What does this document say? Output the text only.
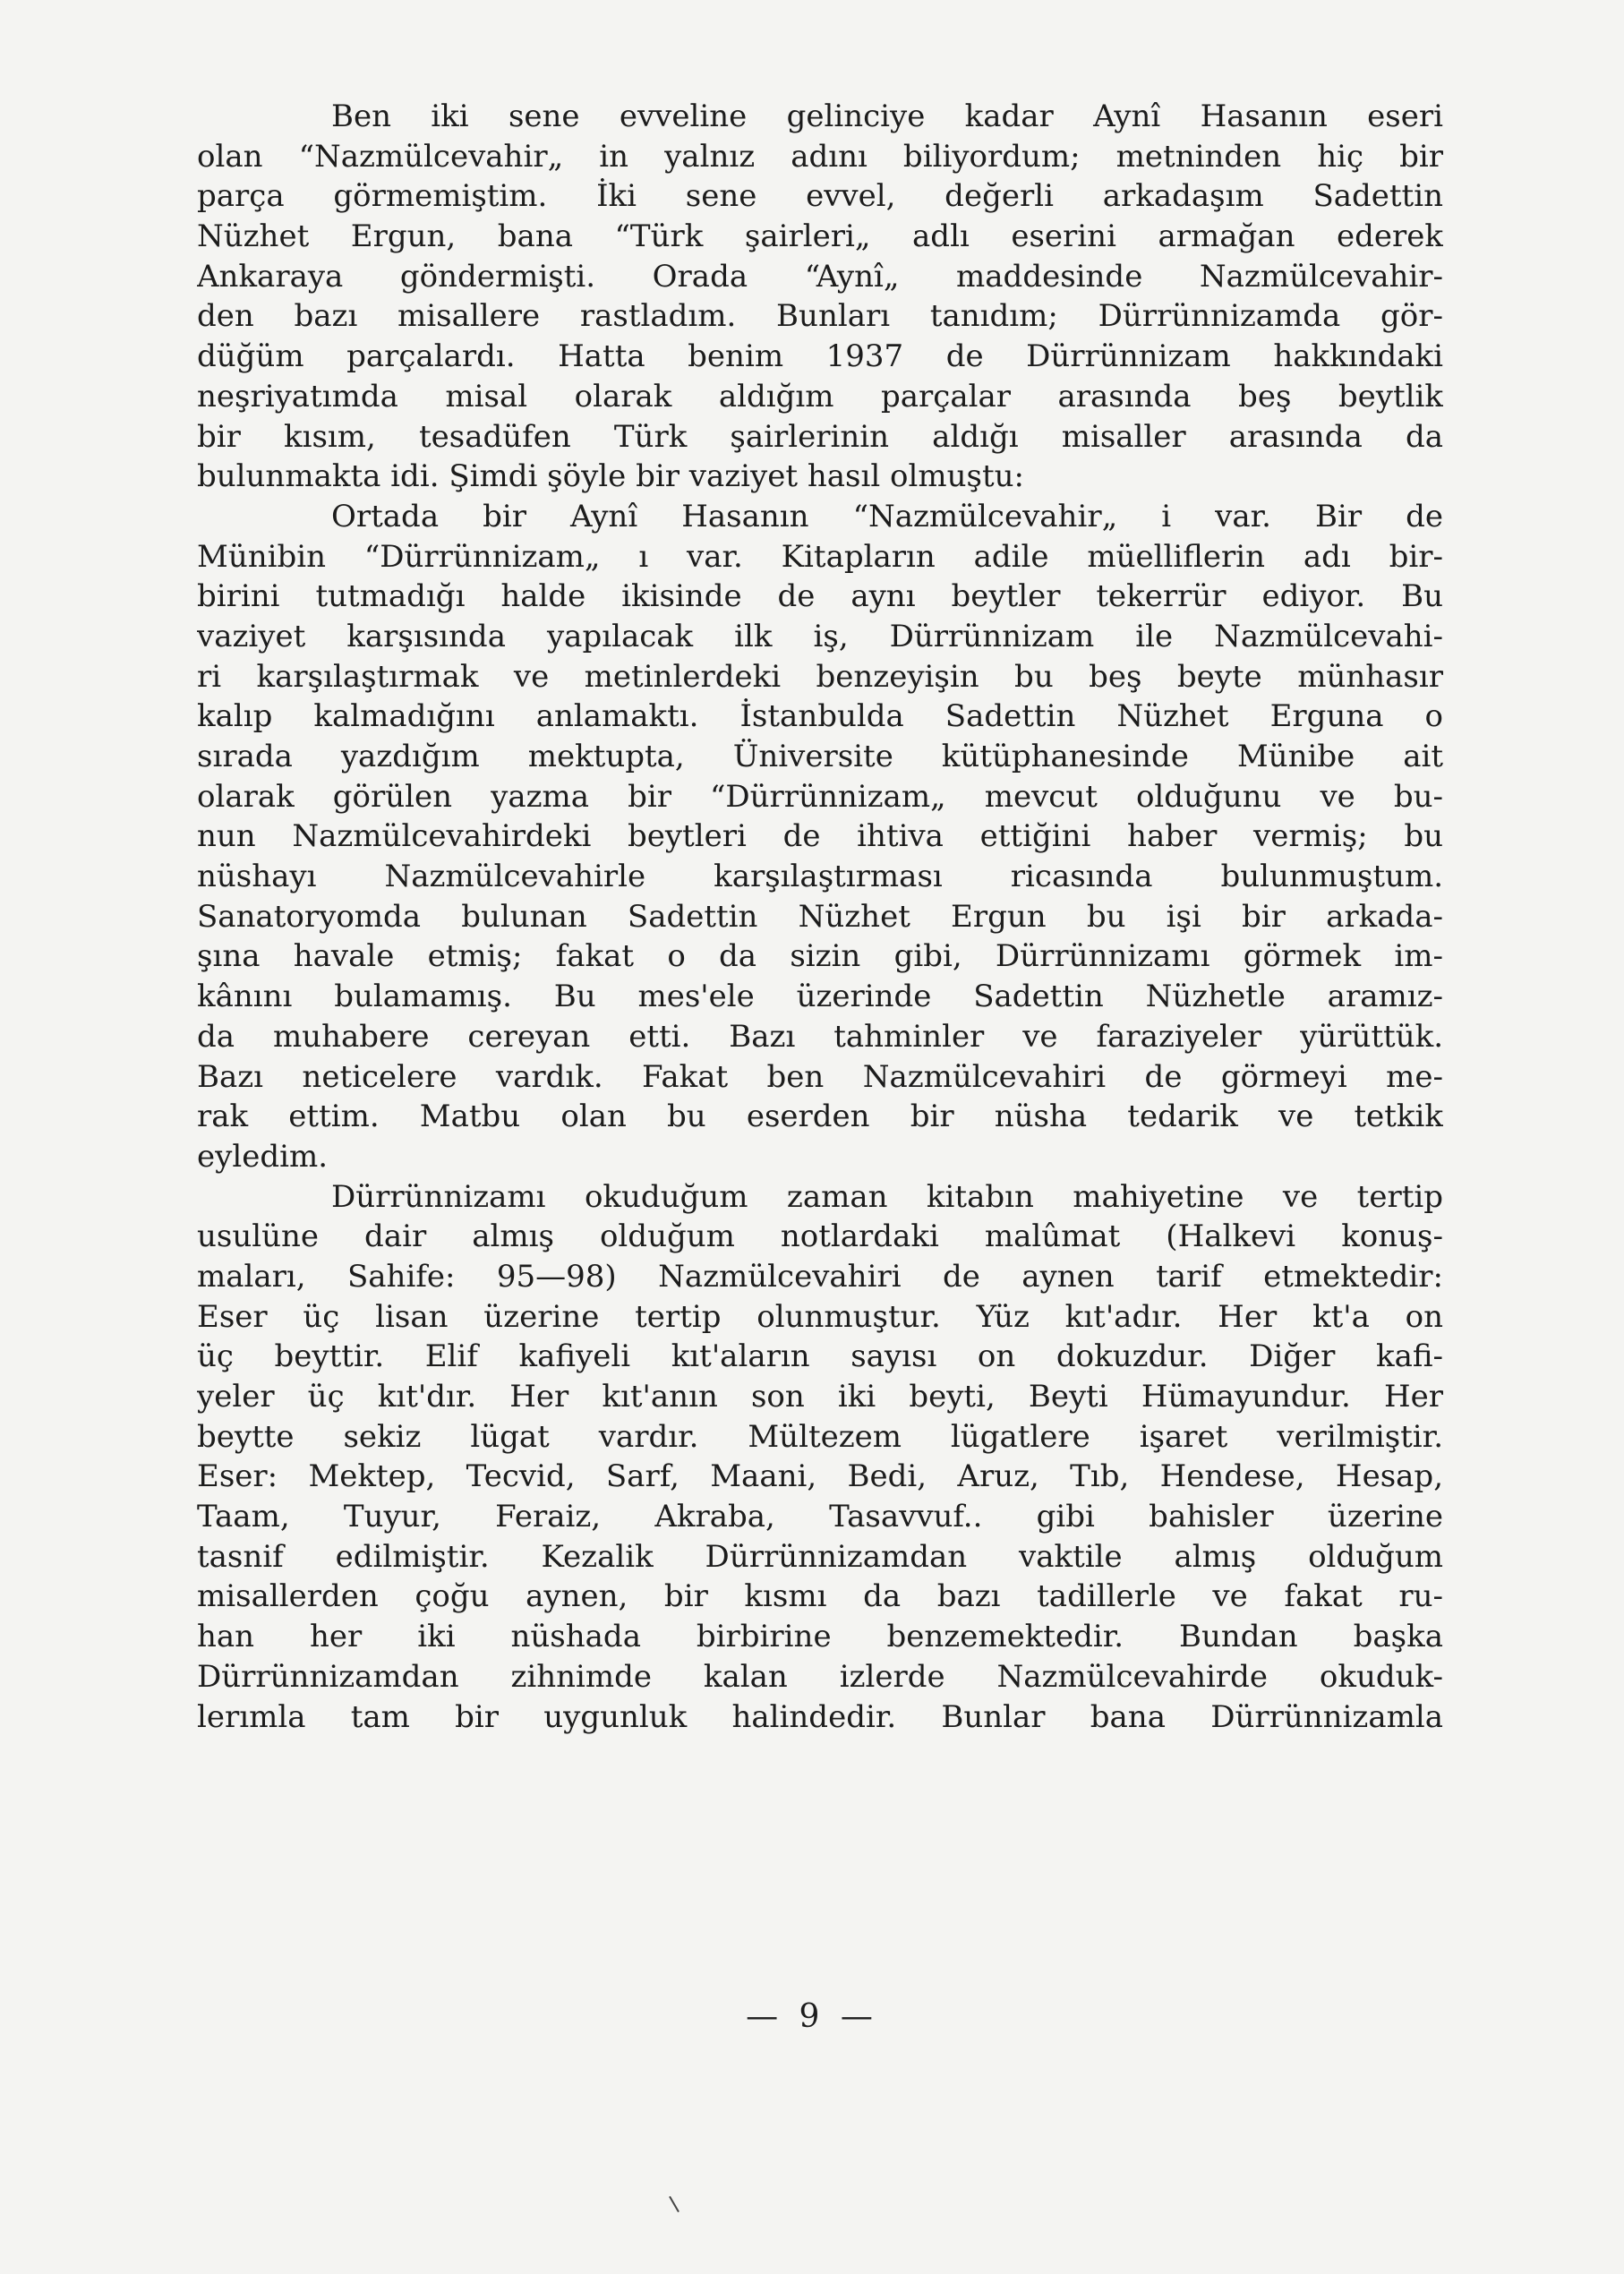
Ben iki sene evveline gelinciye kadar Aynî Hasanın eseri
olan “Nazmülcevahir„ in yalnız adını biliyordum; metninden hiç bir
parça görmemiştim. İki sene evvel, değerli arkadaşım Sadettin
Nüzhet Ergun, bana “Türk şairleri„ adlı eserini armağan ederek
Ankaraya göndermişti. Orada “Aynî„ maddesinde Nazmülcevahir-
den bazı misallere rastladım. Bunları tanıdım; Dürrünnizamda gör-
düğüm parçalardı. Hatta benim 1937 de Dürrünnizam hakkındaki
neşriyatımda misal olarak aldığım parçalar arasında beş beytlik
bir kısım, tesadüfen Türk şairlerinin aldığı misaller arasında da
bulunmakta idi. Şimdi şöyle bir vaziyet hasıl olmuştu:
Ortada bir Aynî Hasanın “Nazmülcevahir„ i var. Bir de
Münibin “Dürrünnizam„ ı var. Kitapların adile müelliflerin adı bir-
birini tutmadığı halde ikisinde de aynı beytler tekerrür ediyor. Bu
vaziyet karşısında yapılacak ilk iş, Dürrünnizam ile Nazmülcevahi-
ri karşılaştırmak ve metinlerdeki benzeyişin bu beş beyte münhasır
kalıp kalmadığını anlamaktı. İstanbulda Sadettin Nüzhet Erguna o
sırada yazdığım mektupta, Üniversite kütüphanesinde Münibe ait
olarak görülen yazma bir “Dürrünnizam„ mevcut olduğunu ve bu-
nun Nazmülcevahirdeki beytleri de ihtiva ettiğini haber vermiş; bu
nüshayı Nazmülcevahirle karşılaştırması ricasında bulunmuştum.
Sanatoryomda bulunan Sadettin Nüzhet Ergun bu işi bir arkada-
şına havale etmiş; fakat o da sizin gibi, Dürrünnizamı görmek im-
kânını bulamamış. Bu mes'ele üzerinde Sadettin Nüzhetle aramız-
da muhabere cereyan etti. Bazı tahminler ve faraziyeler yürüttük.
Bazı neticelere vardık. Fakat ben Nazmülcevahiri de görmeyi me-
rak ettim. Matbu olan bu eserden bir nüsha tedarik ve tetkik
eyledim.
Dürrünnizamı okuduğum zaman kitabın mahiyetine ve tertip
usulüne dair almış olduğum notlardaki malûmat (Halkevi konuş-
maları, Sahife: 95—98) Nazmülcevahiri de aynen tarif etmektedir:
Eser üç lisan üzerine tertip olunmuştur. Yüz kıt'adır. Her kt'a on
üç beyttir. Elif kafiyeli kıt'aların sayısı on dokuzdur. Diğer kafi-
yeler üç kıt'dır. Her kıt'anın son iki beyti, Beyti Hümayundur. Her
beytte sekiz lügat vardır. Mültezem lügatlere işaret verilmiştir.
Eser: Mektep, Tecvid, Sarf, Maani, Bedi, Aruz, Tıb, Hendese, Hesap,
Taam, Tuyur, Feraiz, Akraba, Tasavvuf.. gibi bahisler üzerine
tasnif edilmiştir. Kezalik Dürrünnizamdan vaktile almış olduğum
misallerden çoğu aynen, bir kısmı da bazı tadillerle ve fakat ru-
han her iki nüshada birbirine benzemektedir. Bundan başka
Dürrünnizamdan zihnimde kalan izlerde Nazmülcevahirde okuduk-
lerımla tam bir uygunluk halindedir. Bunlar bana Dürrünnizamla
— 9 —
